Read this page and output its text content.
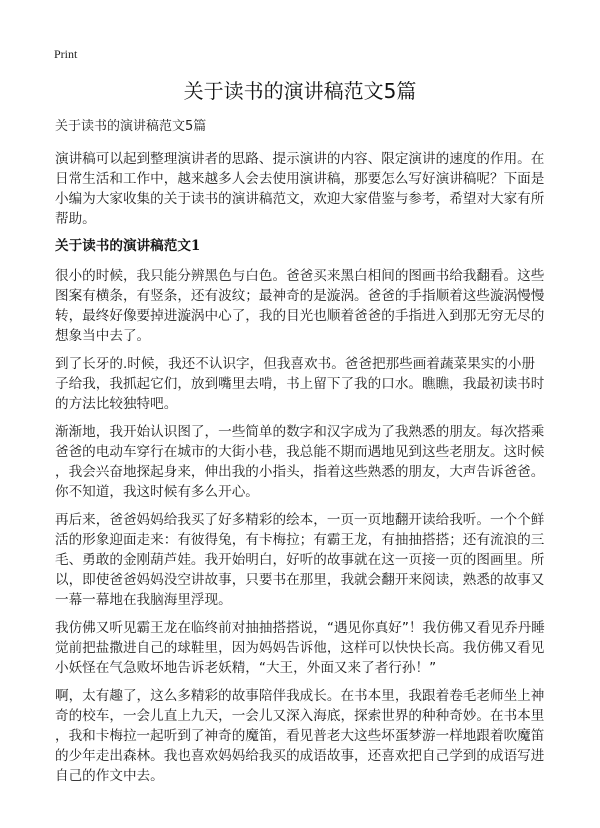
Print
关于读书的演讲稿范文5篇

关于读书的演讲稿范文5篇

演讲稿可以起到整理演讲者的思路、提示演讲的内容、限定演讲的速度的作用。在
日常生活和工作中，越来越多人会去使用演讲稿，那要怎么写好演讲稿呢？下面是
小编为大家收集的关于读书的演讲稿范文，欢迎大家借鉴与参考，希望对大家有所
帮助。

关于读书的演讲稿范文1

很小的时候，我只能分辨黑色与白色。爸爸买来黑白相间的图画书给我翻看。这些
图案有横条，有竖条，还有波纹；最神奇的是漩涡。爸爸的手指顺着这些漩涡慢慢
转，最终好像要掉进漩涡中心了，我的目光也顺着爸爸的手指进入到那无穷无尽的
想象当中去了。

到了长牙的.时候，我还不认识字，但我喜欢书。爸爸把那些画着蔬菜果实的小册
子给我，我抓起它们，放到嘴里去啃，书上留下了我的口水。瞧瞧，我最初读书时
的方法比较独特吧。

渐渐地，我开始认识图了，一些简单的数字和汉字成为了我熟悉的朋友。每次搭乘
爸爸的电动车穿行在城市的大街小巷，我总能不期而遇地见到这些老朋友。这时候
，我会兴奋地探起身来，伸出我的小指头，指着这些熟悉的朋友，大声告诉爸爸。
你不知道，我这时候有多么开心。

再后来，爸爸妈妈给我买了好多精彩的绘本，一页一页地翻开读给我听。一个个鲜
活的形象迎面走来：有彼得兔，有卡梅拉；有霸王龙，有抽抽搭搭；还有流浪的三
毛、勇敢的金刚葫芦娃。我开始明白，好听的故事就在这一页接一页的图画里。所
以，即使爸爸妈妈没空讲故事，只要书在那里，我就会翻开来阅读，熟悉的故事又
一幕一幕地在我脑海里浮现。

我仿佛又听见霸王龙在临终前对抽抽搭搭说，“遇见你真好”！我仿佛又看见乔丹睡
觉前把盐撒进自己的球鞋里，因为妈妈告诉他，这样可以快快长高。我仿佛又看见
小妖怪在气急败坏地告诉老妖精，“大王，外面又来了者行孙！”

啊，太有趣了，这么多精彩的故事陪伴我成长。在书本里，我跟着卷毛老师坐上神
奇的校车，一会儿直上九天，一会儿又深入海底，探索世界的种种奇妙。在书本里
，我和卡梅拉一起听到了神奇的魔笛，看见普老大这些坏蛋梦游一样地跟着吹魔笛
的少年走出森林。我也喜欢妈妈给我买的成语故事，还喜欢把自己学到的成语写进
自己的作文中去。
